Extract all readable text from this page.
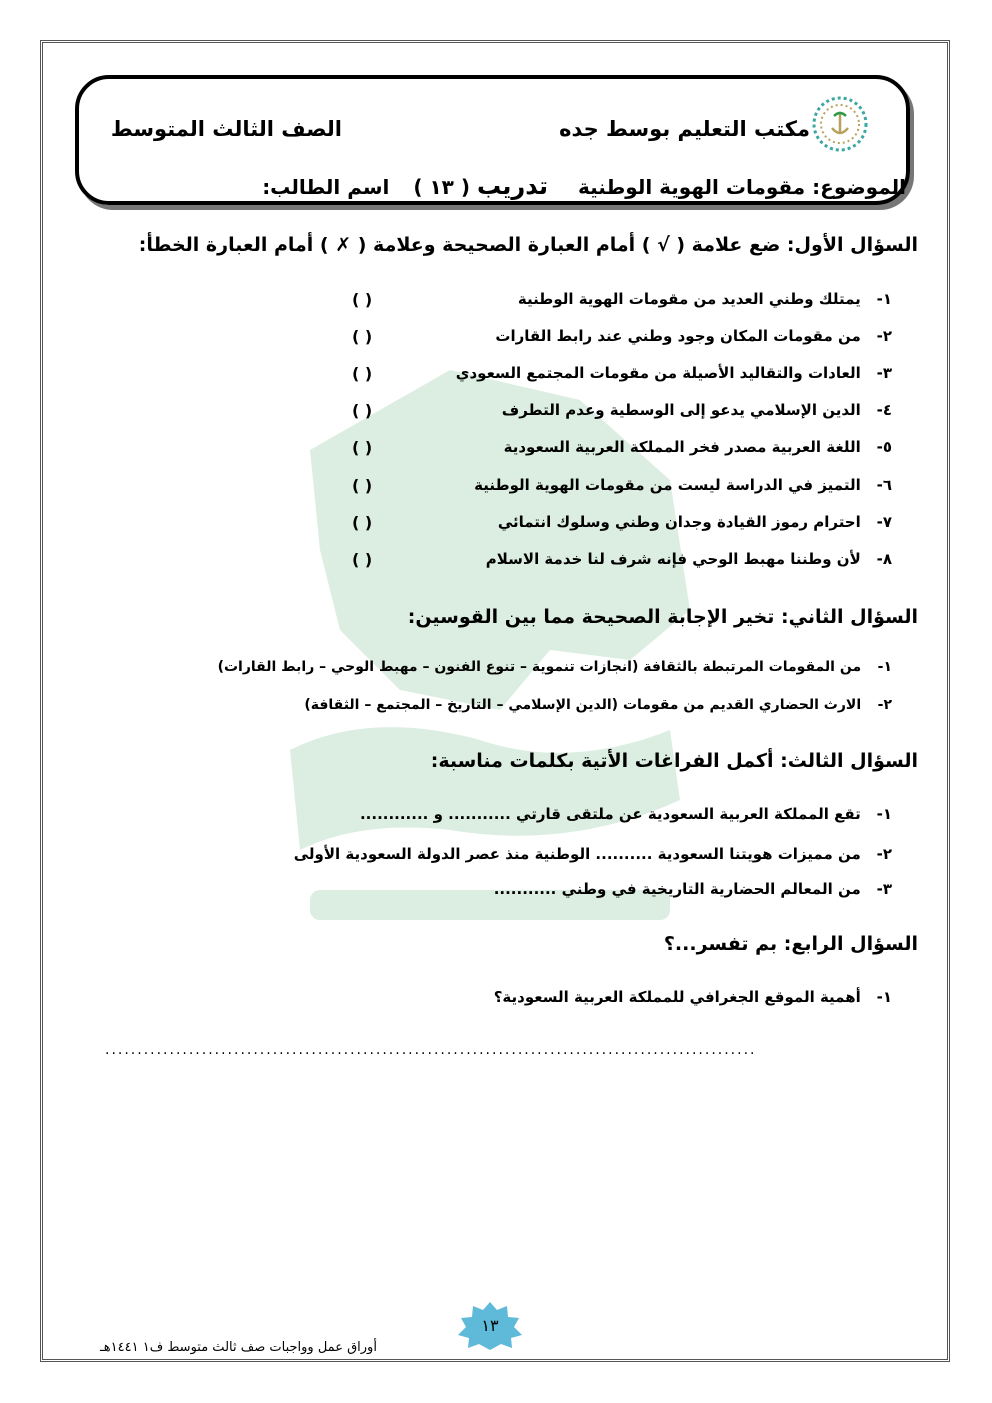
مكتب التعليم بوسط جده
الصف الثالث المتوسط
الموضوع: مقومات الهوية الوطنية  تدريب ( ١٣ )  اسم الطالب:
السؤال الأول: ضع علامة ( √ ) أمام العبارة الصحيحة وعلامة ( ✗ ) أمام العبارة الخطأ:
١- يمتلك وطني العديد من مقومات الهوية الوطنية
٢- من مقومات المكان وجود وطني عند رابط القارات
٣- العادات والتقاليد الأصيلة من مقومات المجتمع السعودي
٤- الدين الإسلامي يدعو إلى الوسطية وعدم التطرف
٥- اللغة العربية مصدر فخر المملكة العربية السعودية
٦- التميز في الدراسة ليست من مقومات الهوية الوطنية
٧- احترام رموز القيادة وجدان وطني وسلوك انتمائي
٨- لأن وطننا مهبط الوحي فإنه شرف لنا خدمة الاسلام
( )
( )
( )
( )
( )
( )
( )
( )
السؤال الثاني: تخير الإجابة الصحيحة مما بين القوسين:
١- من المقومات المرتبطة بالثقافة (انجازات تنموية – تنوع الفنون – مهبط الوحي – رابط القارات)
٢- الارث الحضاري القديم من مقومات (الدين الإسلامي – التاريخ – المجتمع – الثقافة)
السؤال الثالث: أكمل الفراغات الأتية بكلمات مناسبة:
١- تقع المملكة العربية السعودية عن ملتقى قارتي ........... و ............
٢- من مميزات هويتنا السعودية .......... الوطنية منذ عصر الدولة السعودية الأولى
٣- من المعالم الحضارية التاريخية في وطني ...........
السؤال الرابع: بم تفسر...؟
١- أهمية الموقع الجغرافي للمملكة العربية السعودية؟
.....................................................................................................
١٣
أوراق عمل وواجبات صف ثالث متوسط ف١ ١٤٤١هـ
